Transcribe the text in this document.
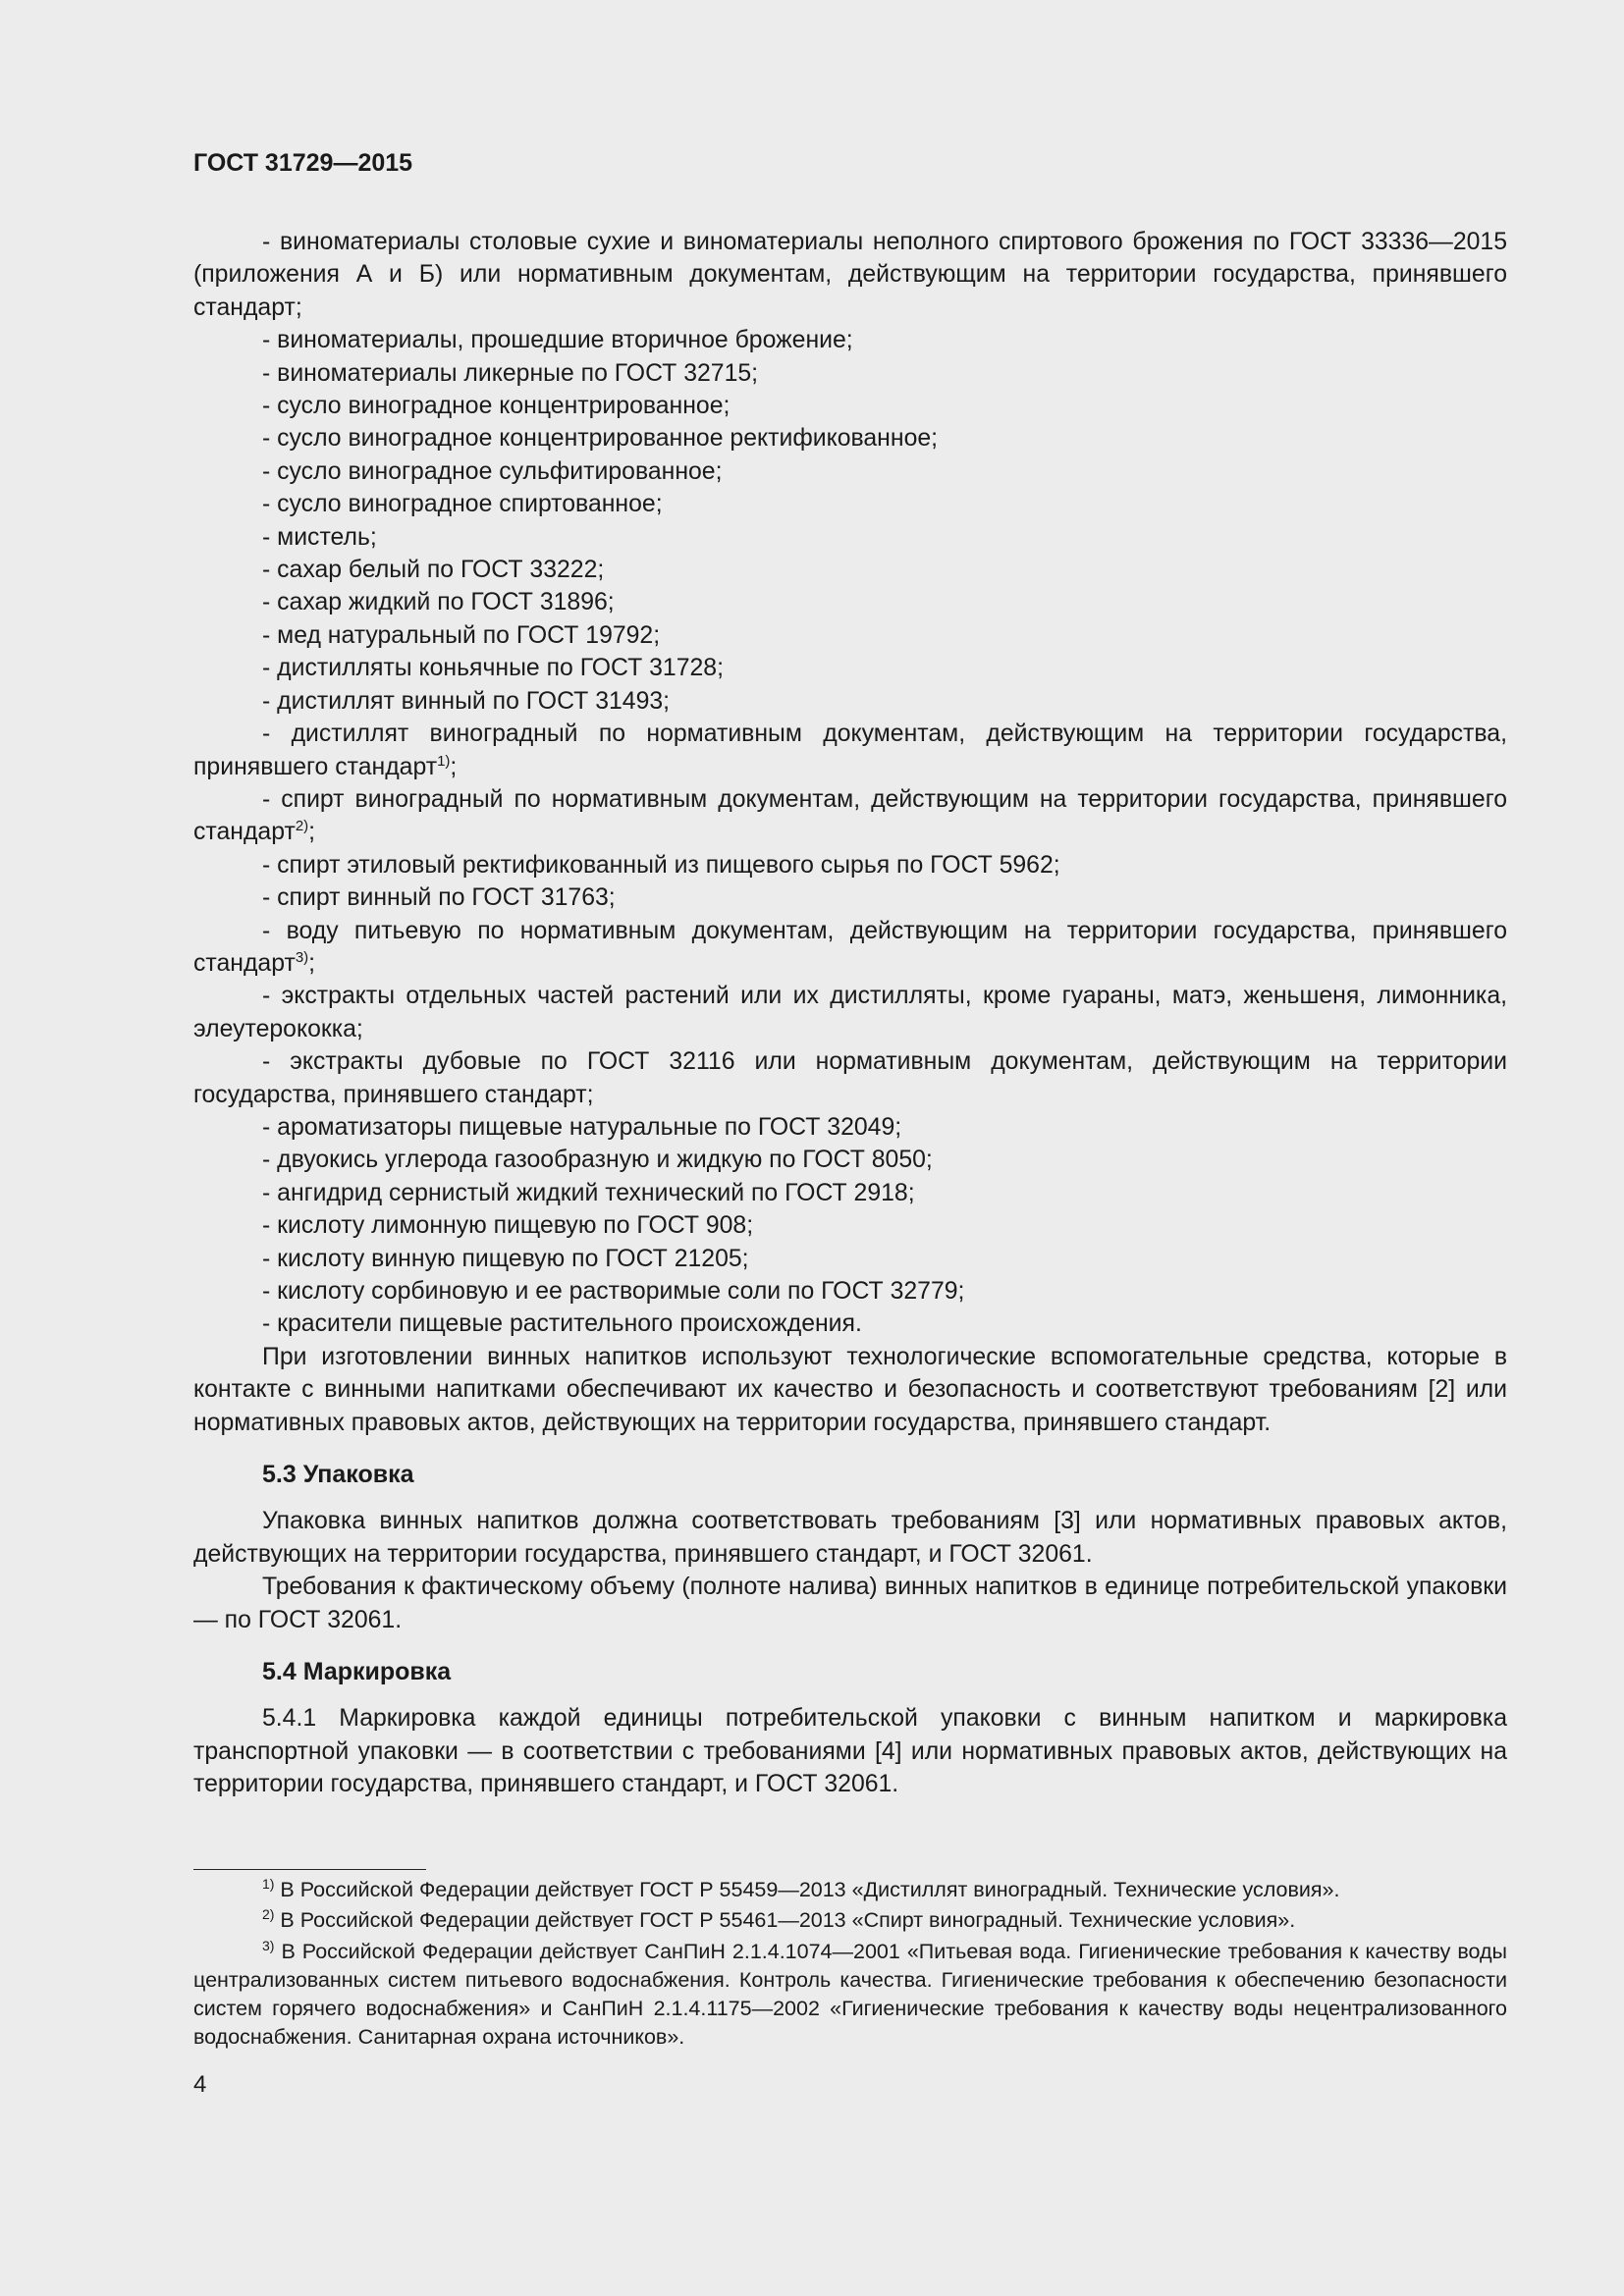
ГОСТ 31729—2015

- виноматериалы столовые сухие и виноматериалы неполного спиртового брожения по ГОСТ 33336—2015 (приложения А и Б) или нормативным документам, действующим на территории государства, принявшего стандарт;

- виноматериалы, прошедшие вторичное брожение;

- виноматериалы ликерные по ГОСТ 32715;

- сусло виноградное концентрированное;

- сусло виноградное концентрированное ректификованное;

- сусло виноградное сульфитированное;

- сусло виноградное спиртованное;

- мистель;

- сахар белый по ГОСТ 33222;

- сахар жидкий по ГОСТ 31896;

- мед натуральный по ГОСТ 19792;

- дистилляты коньячные по ГОСТ 31728;

- дистиллят винный по ГОСТ 31493;

- дистиллят виноградный по нормативным документам, действующим на территории государства, принявшего стандарт$^{1)}$;

- спирт виноградный по нормативным документам, действующим на территории государства, принявшего стандарт$^{2)}$;

- спирт этиловый ректификованный из пищевого сырья по ГОСТ 5962;

- спирт винный по ГОСТ 31763;

- воду питьевую по нормативным документам, действующим на территории государства, принявшего стандарт$^{3)}$;

- экстракты отдельных частей растений или их дистилляты, кроме гуараны, матэ, женьшеня, лимонника, элеутерококка;

- экстракты дубовые по ГОСТ 32116 или нормативным документам, действующим на территории государства, принявшего стандарт;

- ароматизаторы пищевые натуральные по ГОСТ 32049;

- двуокись углерода газообразную и жидкую по ГОСТ 8050;

- ангидрид сернистый жидкий технический по ГОСТ 2918;

- кислоту лимонную пищевую по ГОСТ 908;

- кислоту винную пищевую по ГОСТ 21205;

- кислоту сорбиновую и ее растворимые соли по ГОСТ 32779;

- красители пищевые растительного происхождения.

При изготовлении винных напитков используют технологические вспомогательные средства, которые в контакте с винными напитками обеспечивают их качество и безопасность и соответствуют требованиям [2] или нормативных правовых актов, действующих на территории государства, принявшего стандарт.

5.3 Упаковка

Упаковка винных напитков должна соответствовать требованиям [3] или нормативных правовых актов, действующих на территории государства, принявшего стандарт, и ГОСТ 32061.

Требования к фактическому объему (полноте налива) винных напитков в единице потребительской упаковки — по ГОСТ 32061.

5.4 Маркировка

5.4.1 Маркировка каждой единицы потребительской упаковки с винным напитком и маркировка транспортной упаковки — в соответствии с требованиями [4] или нормативных правовых актов, действующих на территории государства, принявшего стандарт, и ГОСТ 32061.

$^{1)}$ В Российской Федерации действует ГОСТ Р 55459—2013 «Дистиллят виноградный. Технические условия».

$^{2)}$ В Российской Федерации действует ГОСТ Р 55461—2013 «Спирт виноградный. Технические условия».

$^{3)}$ В Российской Федерации действует СанПиН 2.1.4.1074—2001 «Питьевая вода. Гигиенические требования к качеству воды централизованных систем питьевого водоснабжения. Контроль качества. Гигиенические требования к обеспечению безопасности систем горячего водоснабжения» и СанПиН 2.1.4.1175—2002 «Гигиенические требования к качеству воды нецентрализованного водоснабжения. Санитарная охрана источников».

4
